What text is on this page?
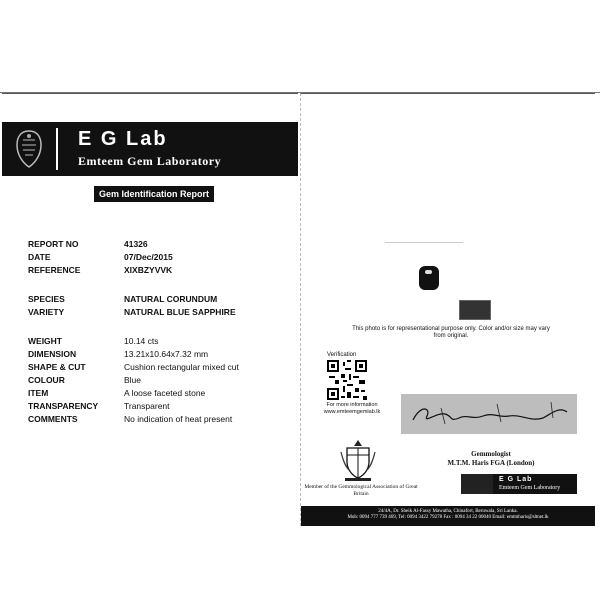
E G Lab
Emteem Gem Laboratory
Gem Identification Report
REPORT NO	41326
DATE	07/Dec/2015
REFERENCE	XIXBZYVVK
SPECIES	NATURAL CORUNDUM
VARIETY	NATURAL BLUE SAPPHIRE
WEIGHT	10.14 cts
DIMENSION	13.21x10.64x7.32 mm
SHAPE & CUT	Cushion rectangular mixed cut
COLOUR	Blue
ITEM	A loose faceted stone
TRANSPARENCY	Transparent
COMMENTS	No indication of heat present
This photo is for representational purpose only. Color and/or size may vary from original.
Verification
For more information www.emteemgemlab.lk
Gemmologist
M.T.M. Haris FGA (London)
Member of the Gemmological Association of Great Britain
E G Lab
Emteem Gem Laboratory
24/4A, Dr. Sheik Al-Fassy Mawatha, Chinafort, Beruwala, Sri Lanka.
Mob: 0094 777 739 469, Tel: 0094 3422 79278 Fax : 0094 34 22 00040 Email: emtmharis@sltnet.lk
